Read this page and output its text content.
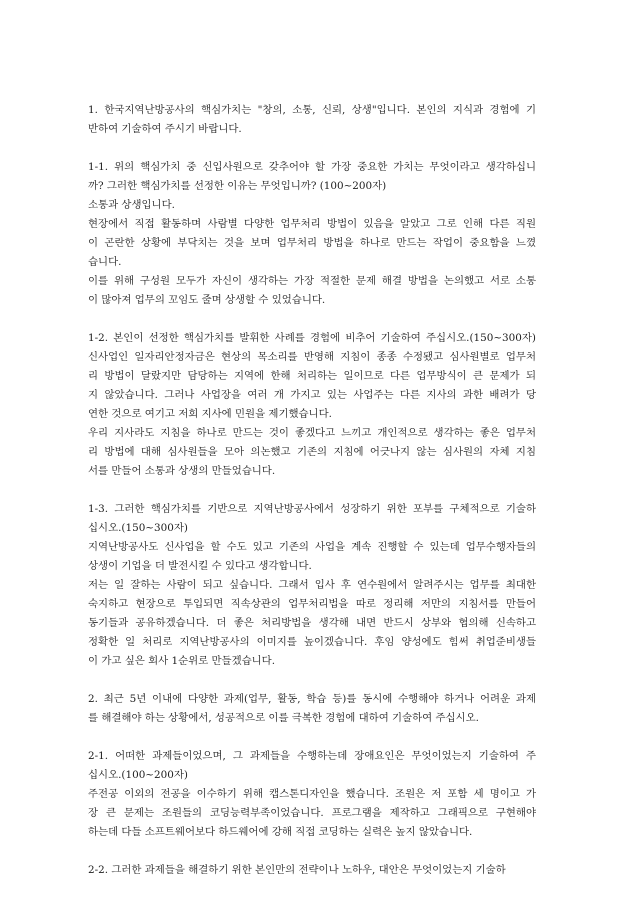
1. 한국지역난방공사의 핵심가치는 "창의, 소통, 신뢰, 상생"입니다. 본인의 지식과 경험에 기
반하여 기술하여 주시기 바랍니다.
1-1. 위의 핵심가치 중 신입사원으로 갖추어야 할 가장 중요한 가치는 무엇이라고 생각하십니
까? 그러한 핵심가치를 선정한 이유는 무엇입니까? (100~200자)
소통과 상생입니다.
현장에서 직접 활동하며 사람별 다양한 업무처리 방법이 있음을 알았고 그로 인해 다른 직원
이 곤란한 상황에 부닥치는 것을 보며 업무처리 방법을 하나로 만드는 작업이 중요함을 느꼈
습니다.
이를 위해 구성원 모두가 자신이 생각하는 가장 적절한 문제 해결 방법을 논의했고 서로 소통
이 많아져 업무의 꼬임도 줄며 상생할 수 있었습니다.
1-2. 본인이 선정한 핵심가치를 발휘한 사례를 경험에 비추어 기술하여 주십시오.(150~300자)
신사업인 일자리안정자금은 현상의 목소리를 반영해 지침이 종종 수정됐고 심사원별로 업무처
리 방법이 달랐지만 담당하는 지역에 한해 처리하는 일이므로 다른 업무방식이 큰 문제가 되
지 않았습니다. 그러나 사업장을 여러 개 가지고 있는 사업주는 다른 지사의 과한 배려가 당
연한 것으로 여기고 저희 지사에 민원을 제기했습니다.
우리 지사라도 지침을 하나로 만드는 것이 좋겠다고 느끼고 개인적으로 생각하는 좋은 업무처
리 방법에 대해 심사원들을 모아 의논했고 기존의 지침에 어긋나지 않는 심사원의 자체 지침
서를 만들어 소통과 상생의 만들었습니다.
1-3. 그러한 핵심가치를 기반으로 지역난방공사에서 성장하기 위한 포부를 구체적으로 기술하
십시오.(150~300자)
지역난방공사도 신사업을 할 수도 있고 기존의 사업을 계속 진행할 수 있는데 업무수행자들의
상생이 기업을 더 발전시킬 수 있다고 생각합니다.
저는 일 잘하는 사람이 되고 싶습니다. 그래서 입사 후 연수원에서 알려주시는 업무를 최대한
숙지하고 현장으로 투입되면 직속상관의 업무처리법을 따로 정리해 저만의 지침서를 만들어
동기들과 공유하겠습니다. 더 좋은 처리방법을 생각해 내면 반드시 상부와 협의해 신속하고
정확한 일 처리로 지역난방공사의 이미지를 높이겠습니다. 후임 양성에도 힘써 취업준비생들
이 가고 싶은 회사 1순위로 만들겠습니다.
2. 최근 5년 이내에 다양한 과제(업무, 활동, 학습 등)를 동시에 수행해야 하거나 어려운 과제
를 해결해야 하는 상황에서, 성공적으로 이를 극복한 경험에 대하여 기술하여 주십시오.
2-1. 어떠한 과제들이었으며, 그 과제들을 수행하는데 장애요인은 무엇이었는지 기술하여 주
십시오.(100~200자)
주전공 이외의 전공을 이수하기 위해 캡스톤디자인을 했습니다. 조원은 저 포함 세 명이고 가
장 큰 문제는 조원들의 코딩능력부족이었습니다. 프로그램을 제작하고 그래픽으로 구현해야
하는데 다들 소프트웨어보다 하드웨어에 강해 직접 코딩하는 실력은 높지 않았습니다.
2-2. 그러한 과제들을 해결하기 위한 본인만의 전략이나 노하우, 대안은 무엇이었는지 기술하
